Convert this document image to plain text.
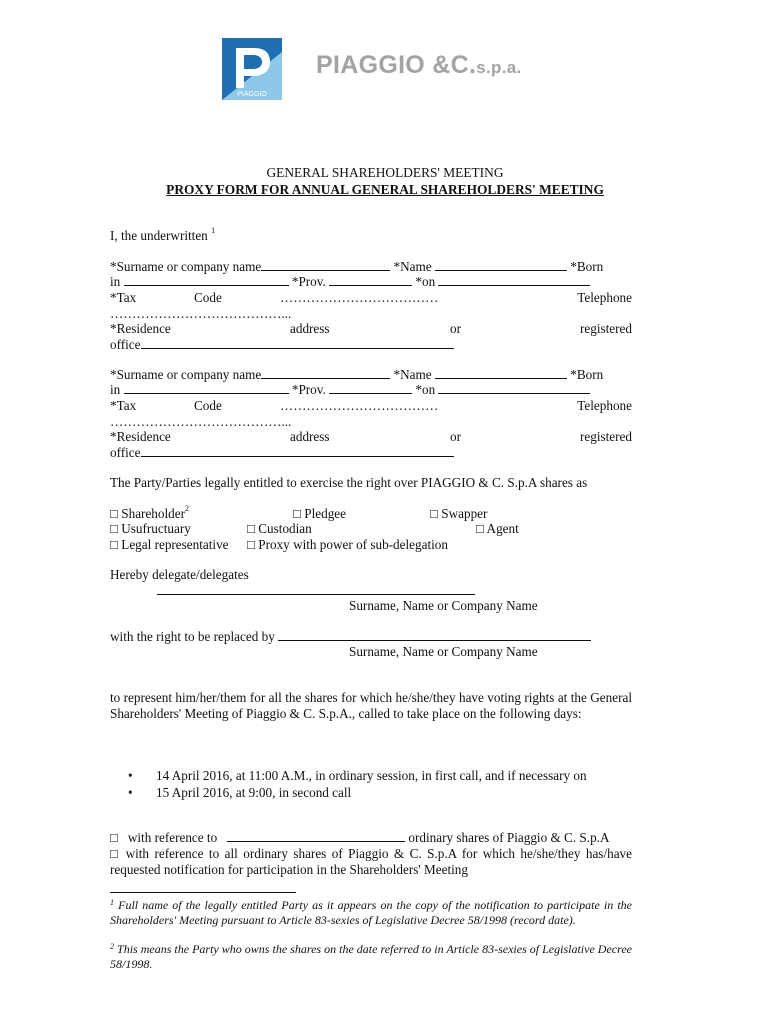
PIAGGIO
PIAGGIO &C.s.p.a.
GENERAL SHAREHOLDERS' MEETING
PROXY FORM FOR ANNUAL GENERAL SHAREHOLDERS' MEETING
I, the underwritten $^1$
*Surname or company name	*Name	*Born
in	*Prov.	*on
*Tax	Code	………………………………	Telephone
…………………………………...
*Residence	address	or	registered
office
*Surname or company name	*Name	*Born
in	*Prov.	*on
*Tax	Code	………………………………	Telephone
…………………………………...
*Residence	address	or	registered
office
The Party/Parties legally entitled to exercise the right over PIAGGIO & C. S.p.A shares as
□ Shareholder$^2$	□ Pledgee	□ Swapper
□ Usufructuary	□ Custodian	□ Agent
□ Legal representative □ Proxy with power of sub-delegation
Hereby delegate/delegates
Surname, Name or Company Name
with the right to be replaced by
Surname, Name or Company Name
to represent him/her/them for all the shares for which he/she/they have voting rights at the General Shareholders' Meeting of Piaggio & C. S.p.A., called to take place on the following days:
• 14 April 2016, at 11:00 A.M., in ordinary session, in first call, and if necessary on
• 15 April 2016, at 9:00, in second call
□ with reference to	ordinary shares of Piaggio & C. S.p.A
□ with reference to all ordinary shares of Piaggio & C. S.p.A for which he/she/they has/have requested notification for participation in the Shareholders' Meeting
$^1$ Full name of the legally entitled Party as it appears on the copy of the notification to participate in the Shareholders' Meeting pursuant to Article 83-sexies of Legislative Decree 58/1998 (record date).
$^2$ This means the Party who owns the shares on the date referred to in Article 83-sexies of Legislative Decree 58/1998.
